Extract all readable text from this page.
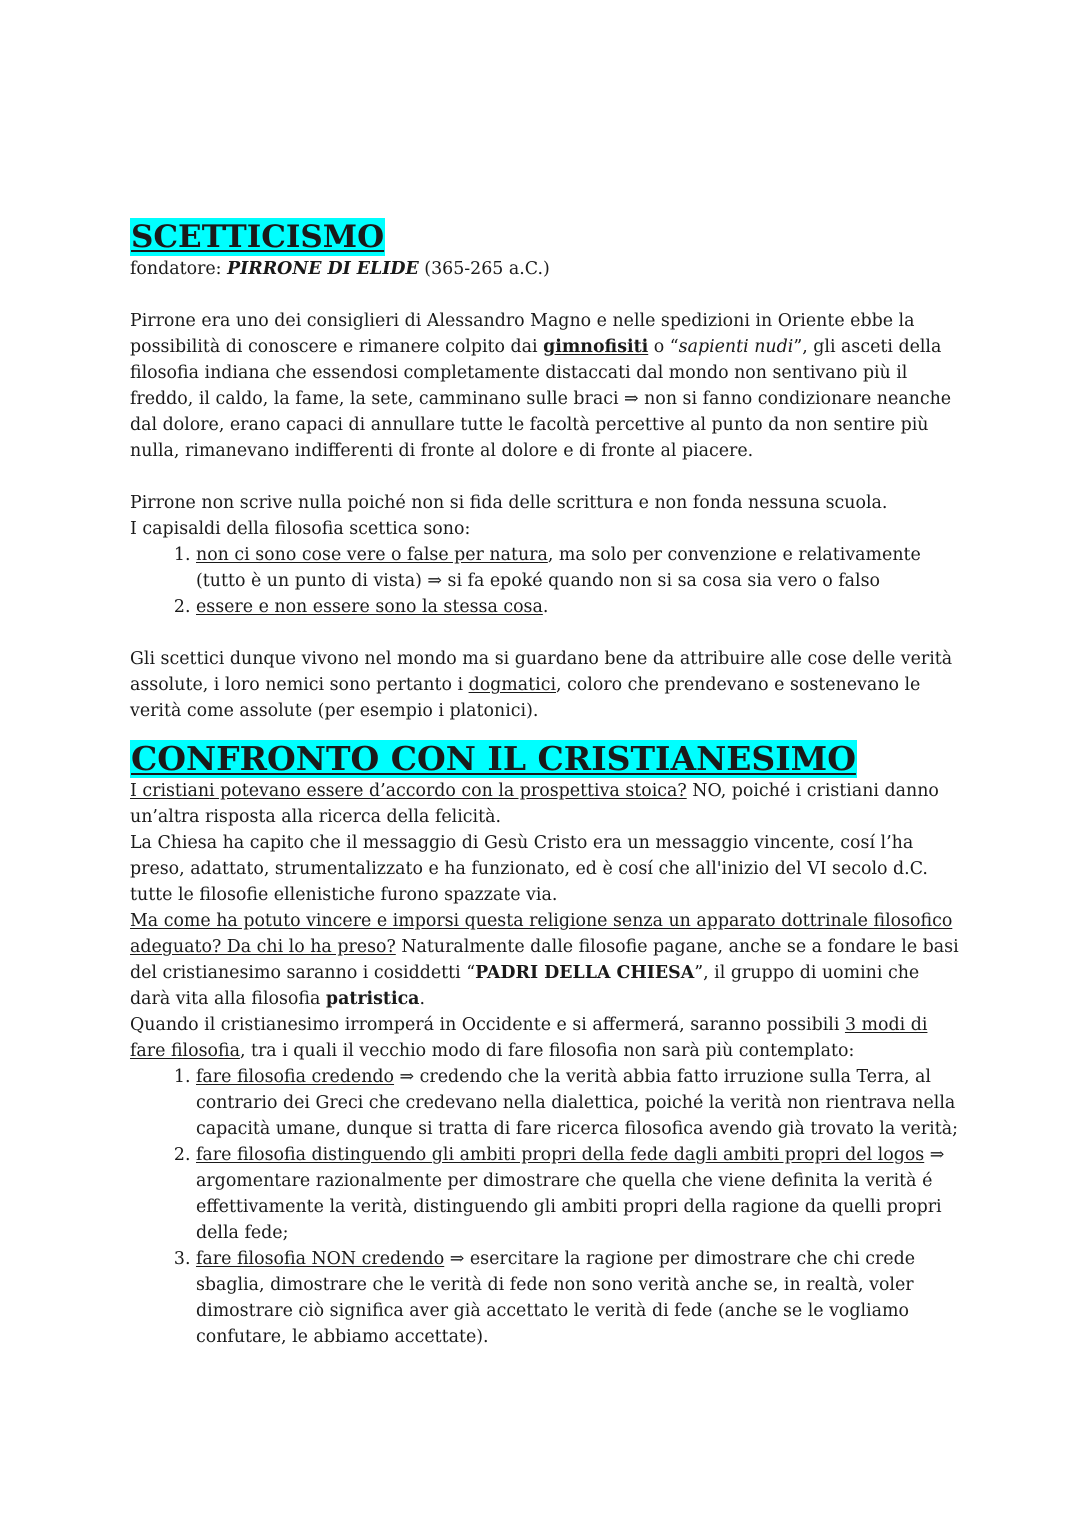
SCETTICISMO

fondatore: PIRRONE DI ELIDE (365-265 a.C.)

Pirrone era uno dei consiglieri di Alessandro Magno e nelle spedizioni in Oriente ebbe la possibilità di conoscere e rimanere colpito dai gimnofisiti o “sapienti nudi”, gli asceti della filosofia indiana che essendosi completamente distaccati dal mondo non sentivano più il freddo, il caldo, la fame, la sete, camminano sulle braci ⇒ non si fanno condizionare neanche dal dolore, erano capaci di annullare tutte le facoltà percettive al punto da non sentire più nulla, rimanevano indifferenti di fronte al dolore e di fronte al piacere.

Pirrone non scrive nulla poiché non si fida delle scrittura e non fonda nessuna scuola.

I capisaldi della filosofia scettica sono:

1. non ci sono cose vere o false per natura, ma solo per convenzione e relativamente (tutto è un punto di vista) ⇒ si fa epoké quando non si sa cosa sia vero o falso
2. essere e non essere sono la stessa cosa.

Gli scettici dunque vivono nel mondo ma si guardano bene da attribuire alle cose delle verità assolute, i loro nemici sono pertanto i dogmatici, coloro che prendevano e sostenevano le verità come assolute (per esempio i platonici).

CONFRONTO CON IL CRISTIANESIMO

I cristiani potevano essere d’accordo con la prospettiva stoica? NO, poiché i cristiani danno un’altra risposta alla ricerca della felicità.

La Chiesa ha capito che il messaggio di Gesù Cristo era un messaggio vincente, cosí l’ha preso, adattato, strumentalizzato e ha funzionato, ed è cosí che all'inizio del VI secolo d.C. tutte le filosofie ellenistiche furono spazzate via.

Ma come ha potuto vincere e imporsi questa religione senza un apparato dottrinale filosofico adeguato? Da chi lo ha preso? Naturalmente dalle filosofie pagane, anche se a fondare le basi del cristianesimo saranno i cosiddetti “PADRI DELLA CHIESA”, il gruppo di uomini che darà vita alla filosofia patristica.

Quando il cristianesimo irromperá in Occidente e si affermerá, saranno possibili 3 modi di fare filosofia, tra i quali il vecchio modo di fare filosofia non sarà più contemplato:

1. fare filosofia credendo ⇒ credendo che la verità abbia fatto irruzione sulla Terra, al contrario dei Greci che credevano nella dialettica, poiché la verità non rientrava nella capacità umane, dunque si tratta di fare ricerca filosofica avendo già trovato la verità;
2. fare filosofia distinguendo gli ambiti propri della fede dagli ambiti propri del logos ⇒ argomentare razionalmente per dimostrare che quella che viene definita la verità é effettivamente la verità, distinguendo gli ambiti propri della ragione da quelli propri della fede;
3. fare filosofia NON credendo ⇒ esercitare la ragione per dimostrare che chi crede sbaglia, dimostrare che le verità di fede non sono verità anche se, in realtà, voler dimostrare ciò significa aver già accettato le verità di fede (anche se le vogliamo confutare, le abbiamo accettate).
